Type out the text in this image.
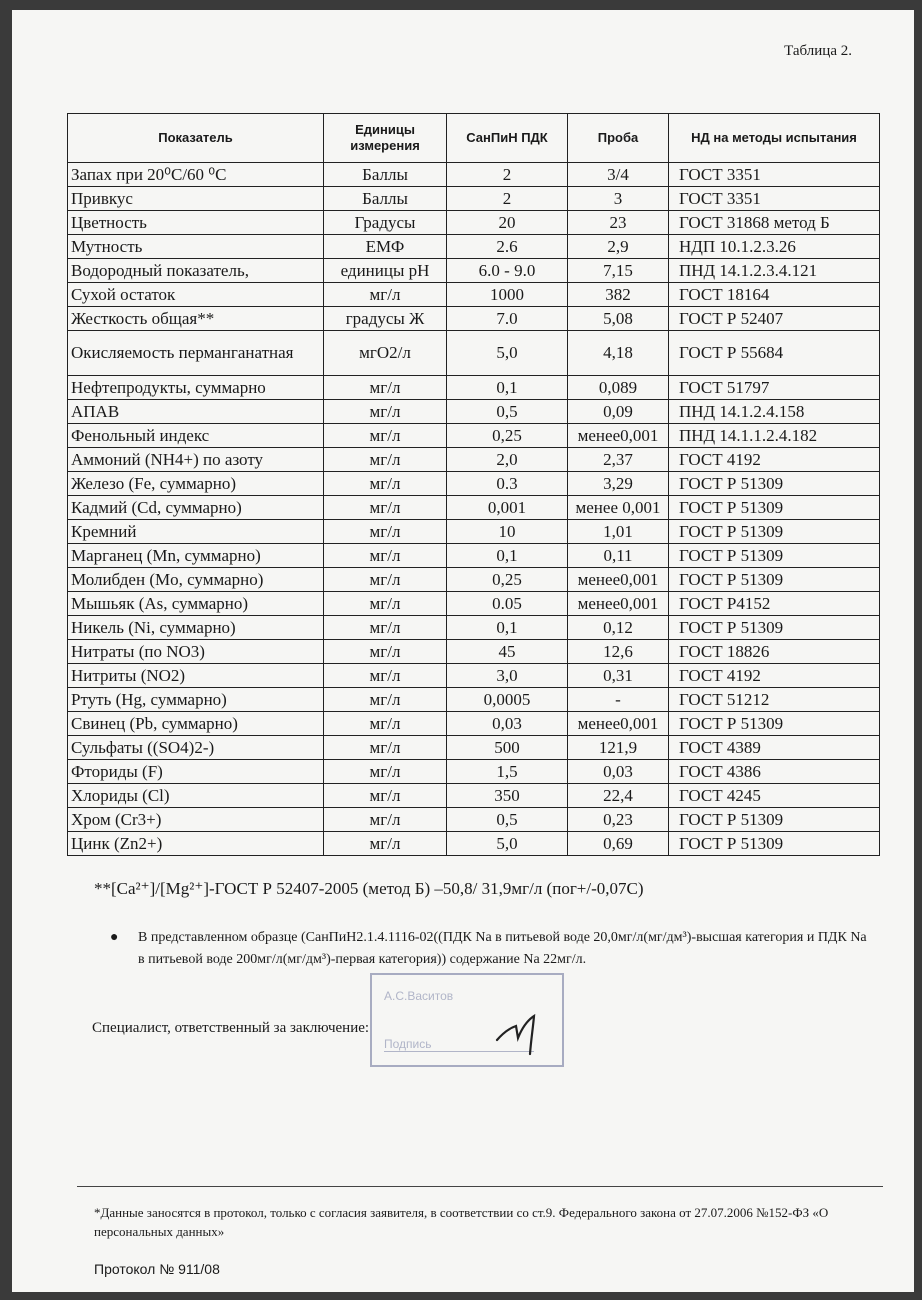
Таблица 2.
Показатель	Единицы измерения	СанПиН ПДК	Проба	НД на методы испытания
Запах при 20⁰С/60 ⁰С	Баллы	2	3/4	ГОСТ 3351
Привкус	Баллы	2	3	ГОСТ 3351
Цветность	Градусы	20	23	ГОСТ 31868 метод Б
Мутность	ЕМФ	2.6	2,9	НДП 10.1.2.3.26
Водородный показатель,	единицы pH	6.0 - 9.0	7,15	ПНД 14.1.2.3.4.121
Сухой остаток	мг/л	1000	382	ГОСТ 18164
Жесткость общая**	градусы Ж	7.0	5,08	ГОСТ Р 52407
Окисляемость перманганатная	мгО2/л	5,0	4,18	ГОСТ Р 55684
Нефтепродукты, суммарно	мг/л	0,1	0,089	ГОСТ 51797
АПАВ	мг/л	0,5	0,09	ПНД 14.1.2.4.158
Фенольный индекс	мг/л	0,25	менее0,001	ПНД 14.1.1.2.4.182
Аммоний (NH4+) по азоту	мг/л	2,0	2,37	ГОСТ 4192
Железо (Fe, суммарно)	мг/л	0.3	3,29	ГОСТ Р 51309
Кадмий (Cd, суммарно)	мг/л	0,001	менее 0,001	ГОСТ Р 51309
Кремний	мг/л	10	1,01	ГОСТ Р 51309
Марганец (Mn, суммарно)	мг/л	0,1	0,11	ГОСТ Р 51309
Молибден (Mo, суммарно)	мг/л	0,25	менее0,001	ГОСТ Р 51309
Мышьяк (As, суммарно)	мг/л	0.05	менее0,001	ГОСТ Р4152
Никель (Ni, суммарно)	мг/л	0,1	0,12	ГОСТ Р 51309
Нитраты (по NO3)	мг/л	45	12,6	ГОСТ 18826
Нитриты (NO2)	мг/л	3,0	0,31	ГОСТ 4192
Ртуть (Hg, суммарно)	мг/л	0,0005	-	ГОСТ 51212
Свинец (Pb, суммарно)	мг/л	0,03	менее0,001	ГОСТ Р 51309
Сульфаты ((SO4)2-)	мг/л	500	121,9	ГОСТ 4389
Фториды (F)	мг/л	1,5	0,03	ГОСТ 4386
Хлориды (Cl)	мг/л	350	22,4	ГОСТ 4245
Хром (Cr3+)	мг/л	0,5	0,23	ГОСТ Р 51309
Цинк (Zn2+)	мг/л	5,0	0,69	ГОСТ Р 51309
**[Ca²⁺]/[Mg²⁺]-ГОСТ Р 52407-2005 (метод Б) –50,8/ 31,9мг/л (пог+/-0,07С)
● В представленном образце (СанПиН2.1.4.1116-02((ПДК Na в питьевой воде 20,0мг/л(мг/дм³)-высшая категория и ПДК Na в питьевой воде 200мг/л(мг/дм³)-первая категория)) содержание Na 22мг/л.
А.С.Васитов
Подпись
Специалист, ответственный за заключение:
*Данные заносятся в протокол, только с согласия заявителя, в соответствии со ст.9. Федерального закона от 27.07.2006 №152-ФЗ «О персональных данных»
Протокол № 911/08
